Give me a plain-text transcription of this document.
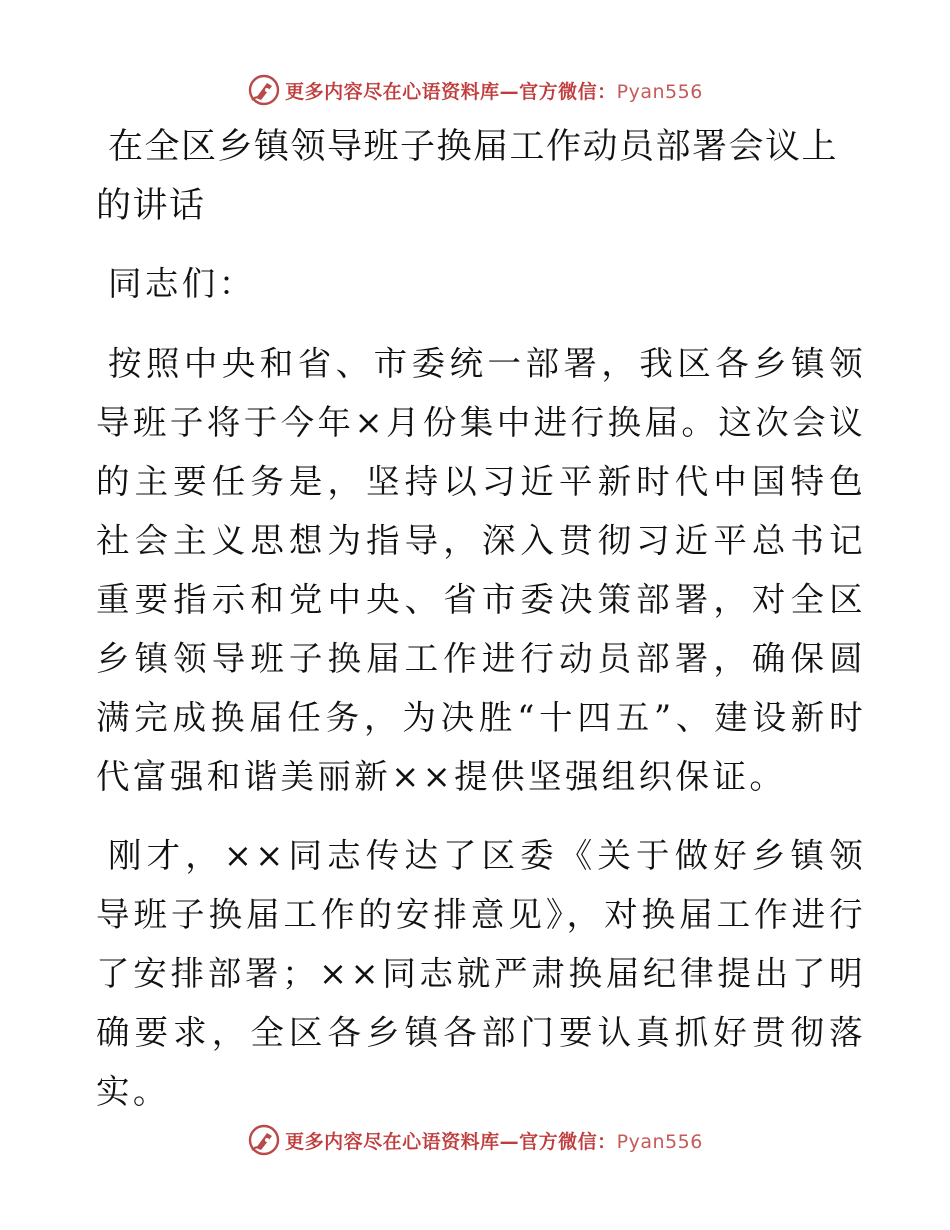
更多内容尽在心语资料库—官方微信：Pyan556
在全区乡镇领导班子换届工作动员部署会议上的讲话

同志们：

按照中央和省、市委统一部署，我区各乡镇领导班子将于今年×月份集中进行换届。这次会议的主要任务是，坚持以习近平新时代中国特色社会主义思想为指导，深入贯彻习近平总书记重要指示和党中央、省市委决策部署，对全区乡镇领导班子换届工作进行动员部署，确保圆满完成换届任务，为决胜“十四五”、建设新时代富强和谐美丽新××提供坚强组织保证。

刚才，××同志传达了区委《关于做好乡镇领导班子换届工作的安排意见》，对换届工作进行了安排部署；××同志就严肃换届纪律提出了明确要求，全区各乡镇各部门要认真抓好贯彻落实。

更多内容尽在心语资料库—官方微信：Pyan556
